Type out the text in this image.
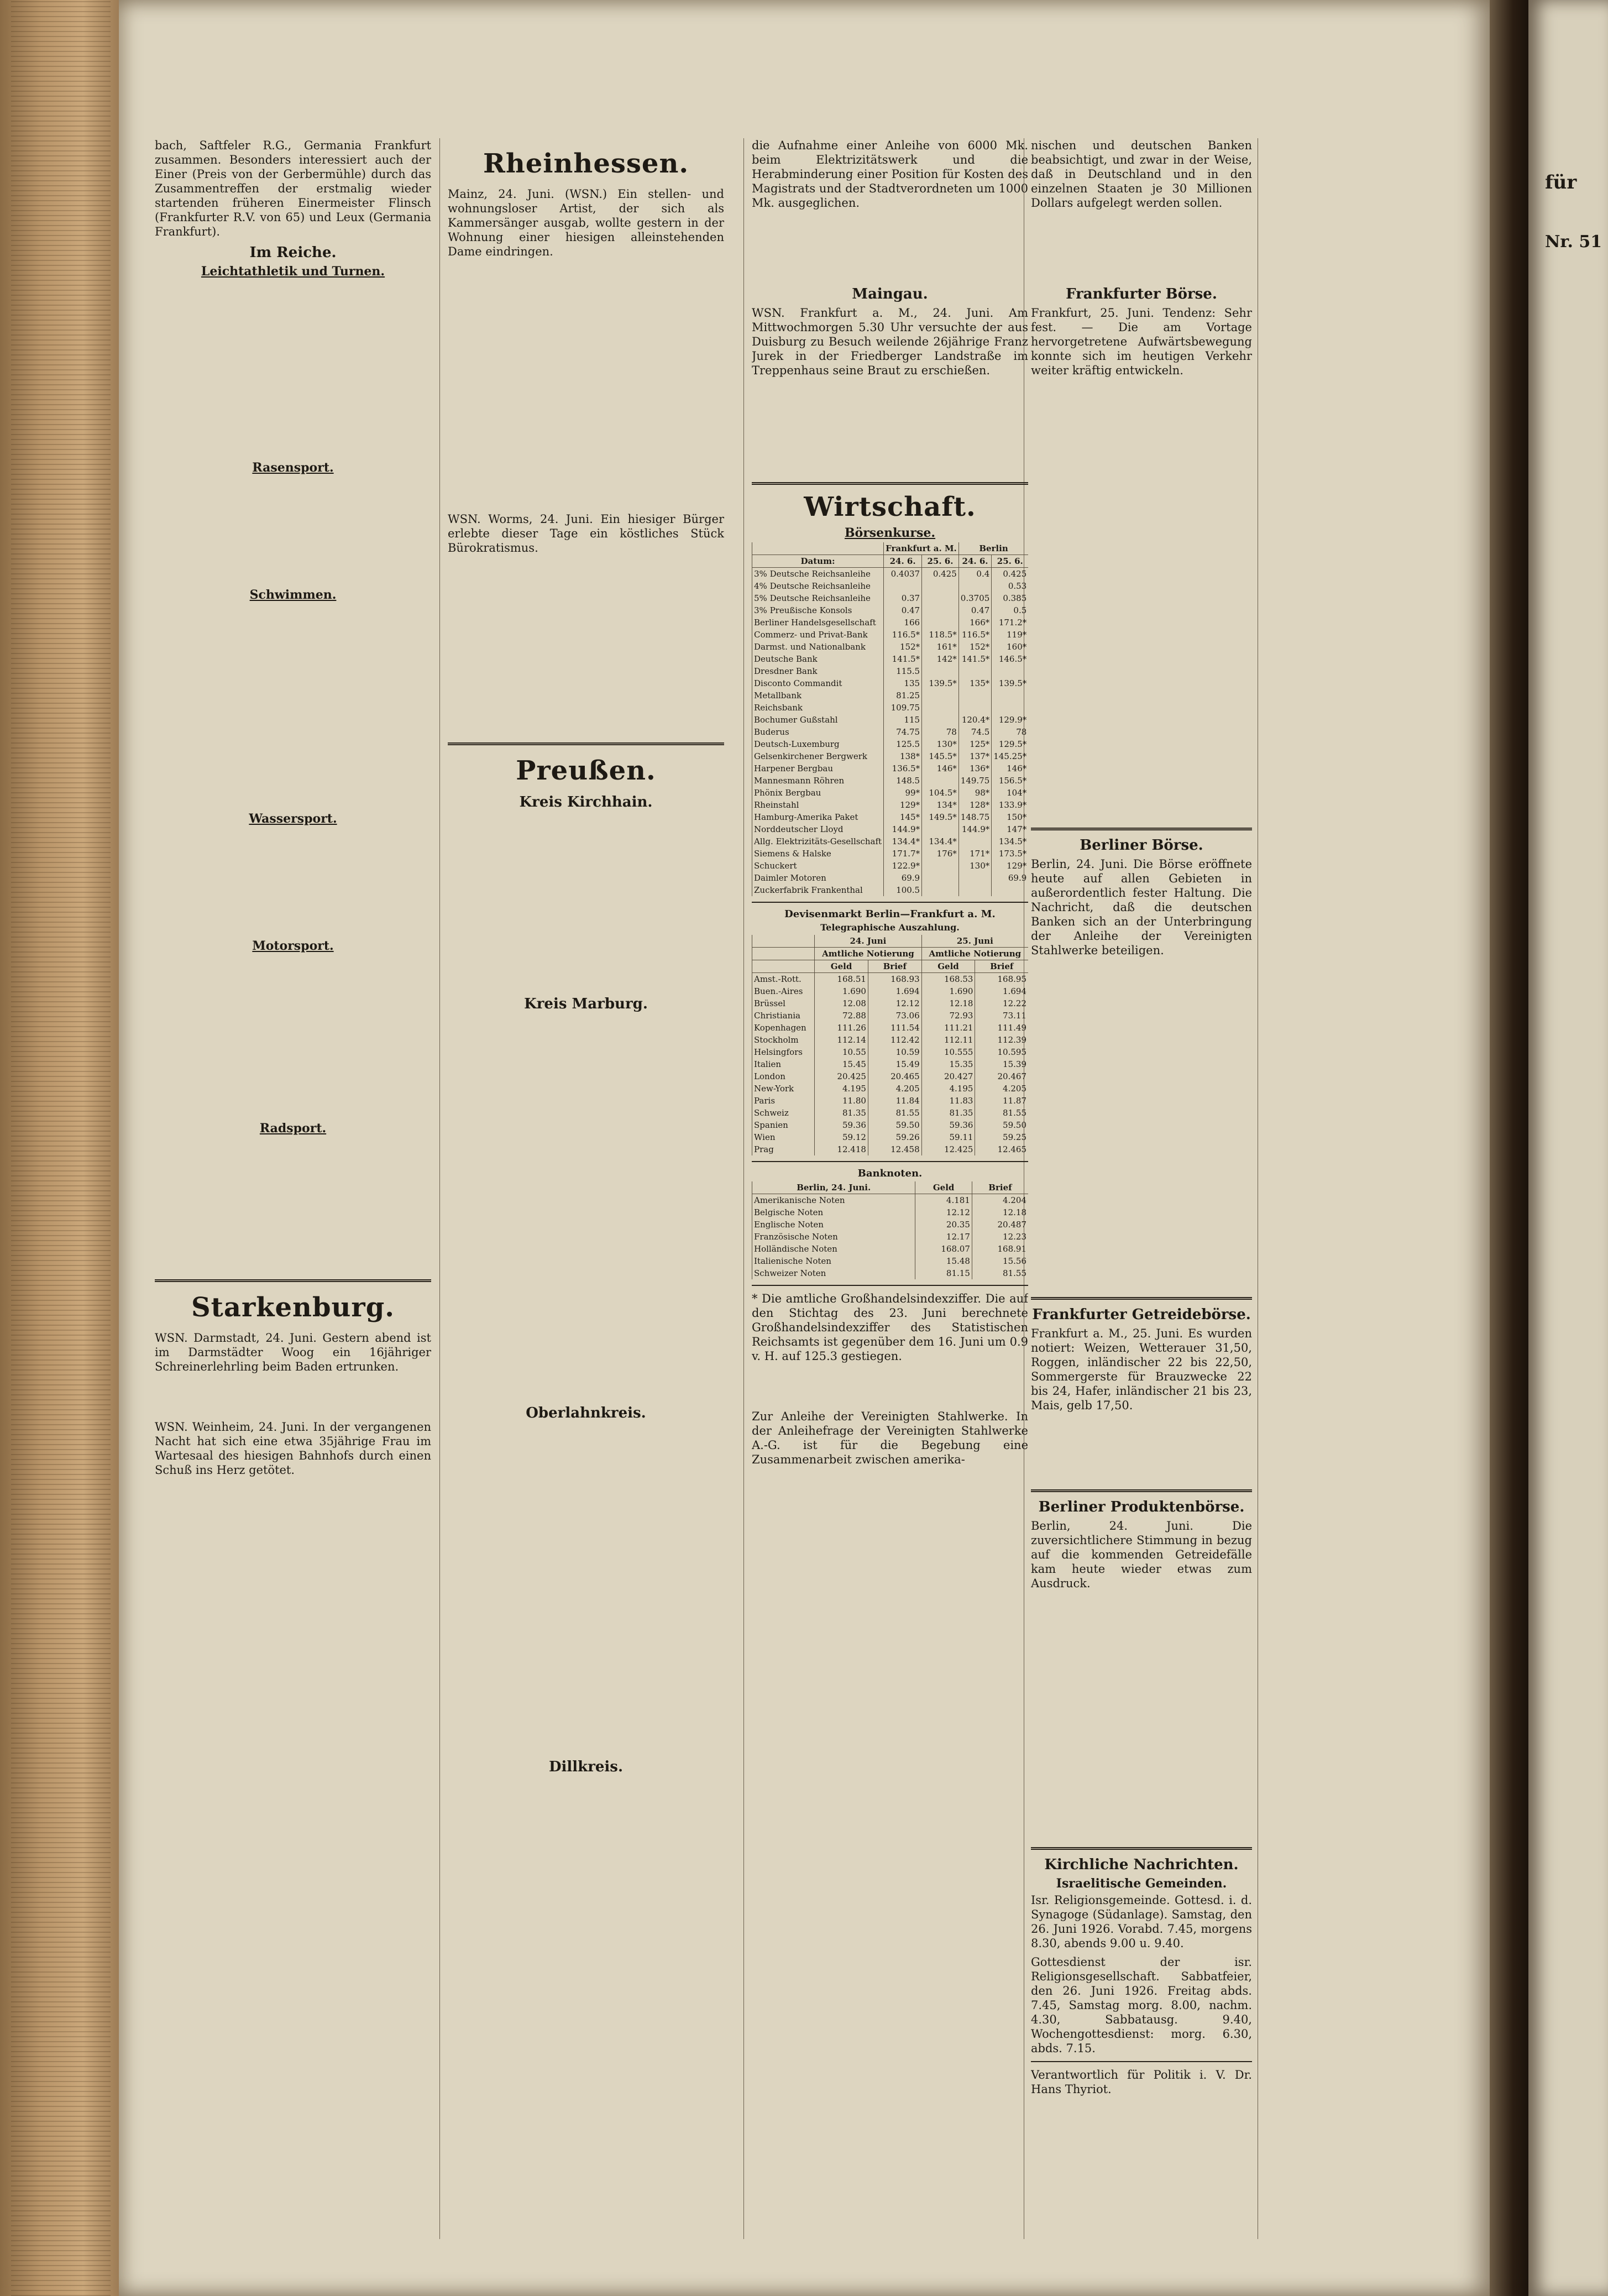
für
Nr. 51

bach, Saftfeler R.G., Germania Frankfurt zusammen. Besonders interessiert auch der Einer (Preis von der Gerbermühle) durch das Zusammentreffen der erstmalig wieder startenden früheren Einermeister Flinsch (Frankfurter R.V. von 65) und Leux (Germania Frankfurt).

Im Reiche.
Leichtathletik und Turnen.
Rasensport.
Schwimmen.
Wassersport.
Motorsport.
Radsport.
Starkenburg.

WSN. Darmstadt, 24. Juni. Gestern abend ist im Darmstädter Woog ein 16jähriger Schreinerlehrling beim Baden ertrunken.

WSN. Weinheim, 24. Juni. In der vergangenen Nacht hat sich eine etwa 35jährige Frau im Wartesaal des hiesigen Bahnhofs durch einen Schuß ins Herz getötet.

Rheinhessen.

Mainz, 24. Juni. (WSN.) Ein stellen- und wohnungsloser Artist, der sich als Kammersänger ausgab, wollte gestern in der Wohnung einer hiesigen alleinstehenden Dame eindringen.

WSN. Worms, 24. Juni. Ein hiesiger Bürger erlebte dieser Tage ein köstliches Stück Bürokratismus.

Preußen.
Kreis Kirchhain.
Kreis Marburg.
Oberlahnkreis.
Dillkreis.

die Aufnahme einer Anleihe von 6000 Mk. beim Elektrizitätswerk und die Herabminderung einer Position für Kosten des Magistrats und der Stadtverordneten um 1000 Mk. ausgeglichen.

Maingau.

WSN. Frankfurt a. M., 24. Juni. Am Mittwochmorgen 5.30 Uhr versuchte der aus Duisburg zu Besuch weilende 26jährige Franz Jurek in der Friedberger Landstraße im Treppenhaus seine Braut zu erschießen.

Wirtschaft.
Börsenkurse.
	Frankfurt a. M.		Berlin	
Datum:	24. 6.	25. 6.	24. 6.	25. 6.
3% Deutsche Reichsanleihe	0.4037	0.425	0.4	0.425
4% Deutsche Reichsanleihe				0.53
5% Deutsche Reichsanleihe	0.37		0.3705	0.385
3% Preußische Konsols	0.47		0.47	0.5
Berliner Handelsgesellschaft	166		166*	171.2*
Commerz- und Privat-Bank	116.5*	118.5*	116.5*	119*
Darmst. und Nationalbank	152*	161*	152*	160*
Deutsche Bank	141.5*	142*	141.5*	146.5*
Dresdner Bank	115.5			
Disconto Commandit	135	139.5*	135*	139.5*
Metallbank	81.25			
Reichsbank	109.75			
Bochumer Gußstahl	115		120.4*	129.9*
Buderus	74.75	78	74.5	78
Deutsch-Luxemburg	125.5	130*	125*	129.5*
Gelsenkirchener Bergwerk	138*	145.5*	137*	145.25*
Harpener Bergbau	136.5*	146*	136*	146*
Mannesmann Röhren	148.5		149.75	156.5*
Phönix Bergbau	99*	104.5*	98*	104*
Rheinstahl	129*	134*	128*	133.9*
Hamburg-Amerika Paket	145*	149.5*	148.75	150*
Norddeutscher Lloyd	144.9*		144.9*	147*
Allg. Elektrizitäts-Gesellschaft	134.4*	134.4*		134.5*
Siemens & Halske	171.7*	176*	171*	173.5*
Schuckert	122.9*		130*	129*
Daimler Motoren	69.9			69.9
Zuckerfabrik Frankenthal	100.5			
Devisenmarkt Berlin—Frankfurt a. M.
Telegraphische Auszahlung.
	24. Juni		25. Juni	
	Amtliche Notierung		Amtliche Notierung	
	Geld	Brief	Geld	Brief
Amst.-Rott.	168.51	168.93	168.53	168.95
Buen.-Aires	1.690	1.694	1.690	1.694
Brüssel	12.08	12.12	12.18	12.22
Christiania	72.88	73.06	72.93	73.11
Kopenhagen	111.26	111.54	111.21	111.49
Stockholm	112.14	112.42	112.11	112.39
Helsingfors	10.55	10.59	10.555	10.595
Italien	15.45	15.49	15.35	15.39
London	20.425	20.465	20.427	20.467
New-York	4.195	4.205	4.195	4.205
Paris	11.80	11.84	11.83	11.87
Schweiz	81.35	81.55	81.35	81.55
Spanien	59.36	59.50	59.36	59.50
Wien	59.12	59.26	59.11	59.25
Prag	12.418	12.458	12.425	12.465
Banknoten.
Berlin, 24. Juni.	Geld	Brief
Amerikanische Noten	4.181	4.204
Belgische Noten	12.12	12.18
Englische Noten	20.35	20.487
Französische Noten	12.17	12.23
Holländische Noten	168.07	168.91
Italienische Noten	15.48	15.56
Schweizer Noten	81.15	81.55

* Die amtliche Großhandelsindexziffer. Die auf den Stichtag des 23. Juni berechnete Großhandelsindexziffer des Statistischen Reichsamts ist gegenüber dem 16. Juni um 0.9 v. H. auf 125.3 gestiegen.

Zur Anleihe der Vereinigten Stahlwerke. In der Anleihefrage der Vereinigten Stahlwerke A.-G. ist für die Begebung eine Zusammenarbeit zwischen amerika-

nischen und deutschen Banken beabsichtigt, und zwar in der Weise, daß in Deutschland und in den einzelnen Staaten je 30 Millionen Dollars aufgelegt werden sollen.

Frankfurter Börse.

Frankfurt, 25. Juni. Tendenz: Sehr fest. — Die am Vortage hervorgetretene Aufwärtsbewegung konnte sich im heutigen Verkehr weiter kräftig entwickeln.

Berliner Börse.

Berlin, 24. Juni. Die Börse eröffnete heute auf allen Gebieten in außerordentlich fester Haltung. Die Nachricht, daß die deutschen Banken sich an der Unterbringung der Anleihe der Vereinigten Stahlwerke beteiligen.

Frankfurter Getreidebörse.

Frankfurt a. M., 25. Juni. Es wurden notiert: Weizen, Wetterauer 31,50, Roggen, inländischer 22 bis 22,50, Sommergerste für Brauzwecke 22 bis 24, Hafer, inländischer 21 bis 23, Mais, gelb 17,50.

Berliner Produktenbörse.

Berlin, 24. Juni. Die zuversichtlichere Stimmung in bezug auf die kommenden Getreidefälle kam heute wieder etwas zum Ausdruck.

Kirchliche Nachrichten.
Israelitische Gemeinden.

Isr. Religionsgemeinde. Gottesd. i. d. Synagoge (Südanlage). Samstag, den 26. Juni 1926. Vorabd. 7.45, morgens 8.30, abends 9.00 u. 9.40.

Gottesdienst der isr. Religionsgesellschaft. Sabbatfeier, den 26. Juni 1926. Freitag abds. 7.45, Samstag morg. 8.00, nachm. 4.30, Sabbatausg. 9.40, Wochengottesdienst: morg. 6.30, abds. 7.15.

Verantwortlich für Politik i. V. Dr. Hans Thyriot.
